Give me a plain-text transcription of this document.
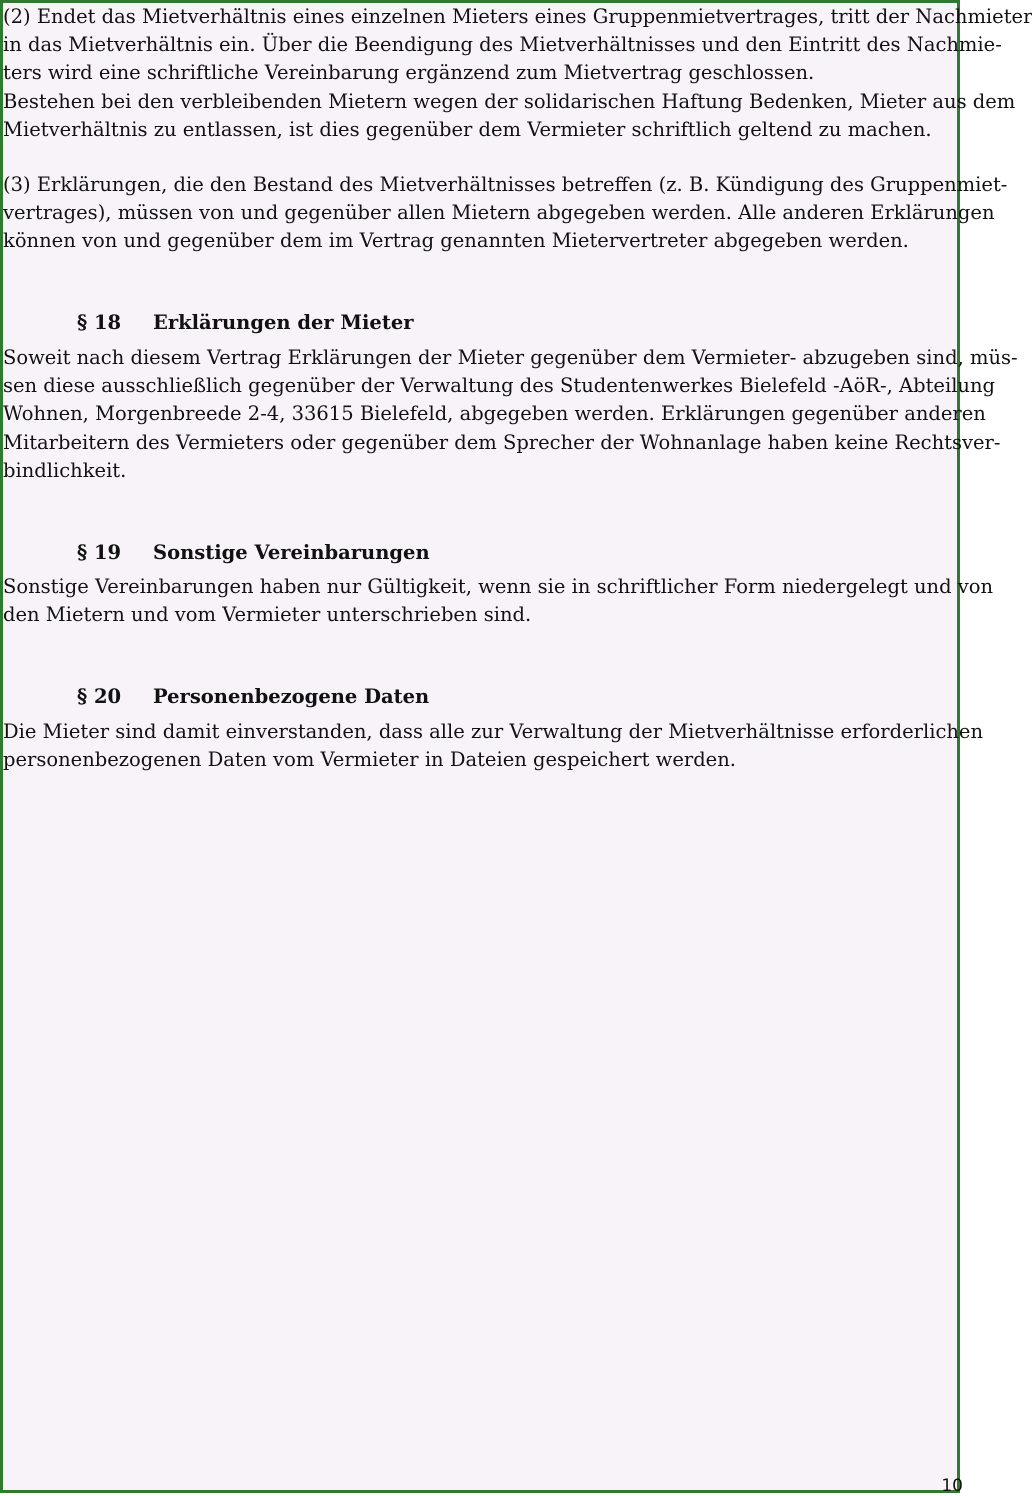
(2) Endet das Mietverhältnis eines einzelnen Mieters eines Gruppenmietvertrages, tritt der Nachmieter
in das Mietverhältnis ein. Über die Beendigung des Mietverhältnisses und den Eintritt des Nachmie-
ters wird eine schriftliche Vereinbarung ergänzend zum Mietvertrag geschlossen.
Bestehen bei den verbleibenden Mietern wegen der solidarischen Haftung Bedenken, Mieter aus dem
Mietverhältnis zu entlassen, ist dies gegenüber dem Vermieter schriftlich geltend zu machen.

(3) Erklärungen, die den Bestand des Mietverhältnisses betreffen (z. B. Kündigung des Gruppenmiet-
vertrages), müssen von und gegenüber allen Mietern abgegeben werden. Alle anderen Erklärungen
können von und gegenüber dem im Vertrag genannten Mietervertreter abgegeben werden.

§ 18 Erklärungen der Mieter

Soweit nach diesem Vertrag Erklärungen der Mieter gegenüber dem Vermieter- abzugeben sind, müs-
sen diese ausschließlich gegenüber der Verwaltung des Studentenwerkes Bielefeld -AöR-, Abteilung
Wohnen, Morgenbreede 2-4, 33615 Bielefeld, abgegeben werden. Erklärungen gegenüber anderen
Mitarbeitern des Vermieters oder gegenüber dem Sprecher der Wohnanlage haben keine Rechtsver-
bindlichkeit.

§ 19 Sonstige Vereinbarungen

Sonstige Vereinbarungen haben nur Gültigkeit, wenn sie in schriftlicher Form niedergelegt und von
den Mietern und vom Vermieter unterschrieben sind.

§ 20 Personenbezogene Daten

Die Mieter sind damit einverstanden, dass alle zur Verwaltung der Mietverhältnisse erforderlichen
personenbezogenen Daten vom Vermieter in Dateien gespeichert werden.

10
